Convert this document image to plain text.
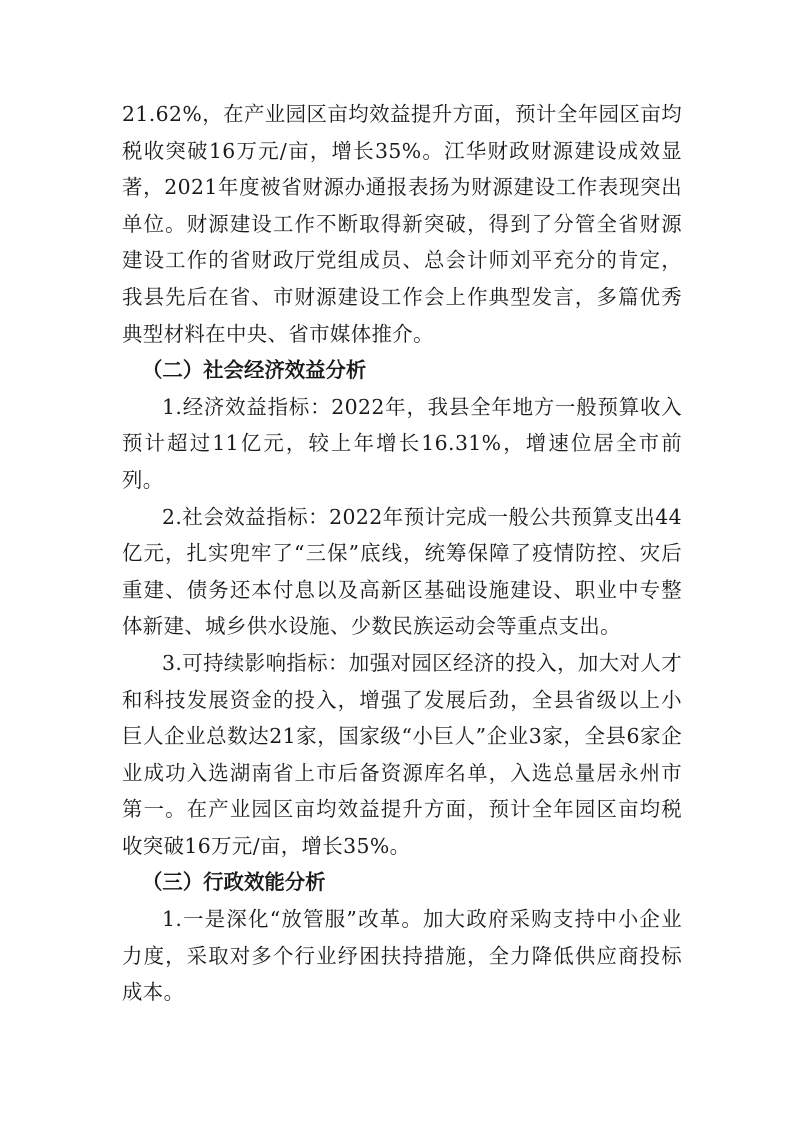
21.62%，在产业园区亩均效益提升方面，预计全年园区亩均税收突破16万元/亩，增长35%。江华财政财源建设成效显著，2021年度被省财源办通报表扬为财源建设工作表现突出单位。财源建设工作不断取得新突破，得到了分管全省财源建设工作的省财政厅党组成员、总会计师刘平充分的肯定，我县先后在省、市财源建设工作会上作典型发言，多篇优秀典型材料在中央、省市媒体推介。

（二）社会经济效益分析

1.经济效益指标：2022年，我县全年地方一般预算收入预计超过11亿元，较上年增长16.31%，增速位居全市前列。

2.社会效益指标：2022年预计完成一般公共预算支出44亿元，扎实兜牢了“三保”底线，统筹保障了疫情防控、灾后重建、债务还本付息以及高新区基础设施建设、职业中专整体新建、城乡供水设施、少数民族运动会等重点支出。

3.可持续影响指标：加强对园区经济的投入，加大对人才和科技发展资金的投入，增强了发展后劲，全县省级以上小巨人企业总数达21家，国家级“小巨人”企业3家，全县6家企业成功入选湖南省上市后备资源库名单，入选总量居永州市第一。在产业园区亩均效益提升方面，预计全年园区亩均税收突破16万元/亩，增长35%。

（三）行政效能分析

1.一是深化“放管服”改革。加大政府采购支持中小企业力度，采取对多个行业纾困扶持措施，全力降低供应商投标成本。
